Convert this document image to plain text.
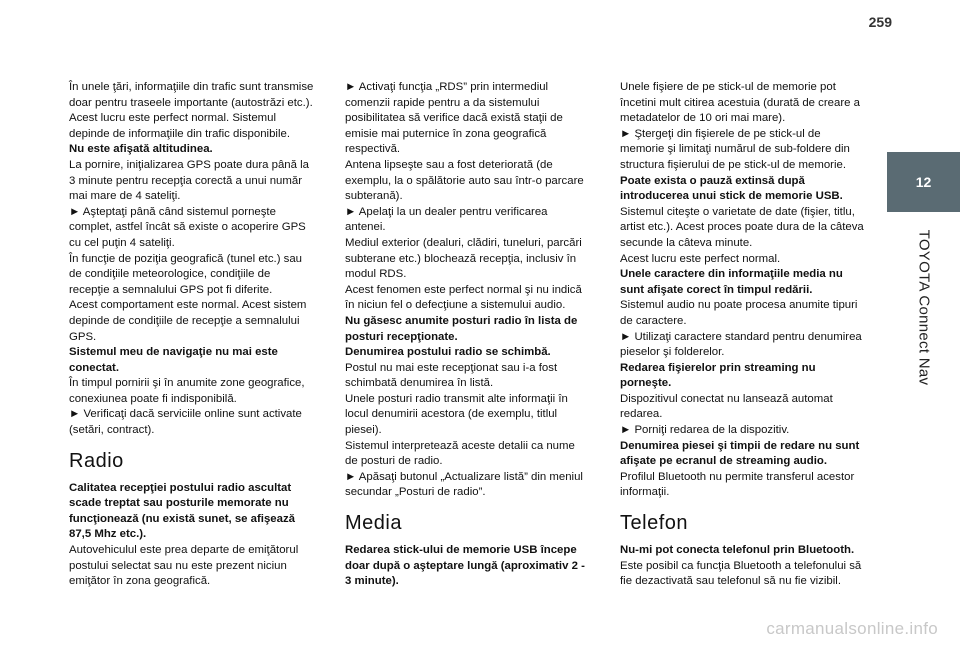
259
12
TOYOTA Connect Nav

În unele ţări, informaţiile din trafic sunt transmise doar pentru traseele importante (autostrăzi etc.).

Acest lucru este perfect normal. Sistemul depinde de informaţiile din trafic disponibile.

Nu este afişată altitudinea.

La pornire, iniţializarea GPS poate dura până la 3 minute pentru recepţia corectă a unui număr mai mare de 4 sateliţi.

► Aşteptaţi până când sistemul porneşte complet, astfel încât să existe o acoperire GPS cu cel puţin 4 sateliţi.

În funcţie de poziţia geografică (tunel etc.) sau de condiţiile meteorologice, condiţiile de recepţie a semnalului GPS pot fi diferite.

Acest comportament este normal. Acest sistem depinde de condiţiile de recepţie a semnalului GPS.

Sistemul meu de navigaţie nu mai este conectat.

În timpul pornirii şi în anumite zone geografice, conexiunea poate fi indisponibilă.

► Verificaţi dacă serviciile online sunt activate (setări, contract).

Radio

Calitatea recepţiei postului radio ascultat scade treptat sau posturile memorate nu funcţionează (nu există sunet, se afişează 87,5 Mhz etc.).

Autovehiculul este prea departe de emiţătorul postului selectat sau nu este prezent niciun emiţător în zona geografică.

► Activaţi funcţia „RDS” prin intermediul comenzii rapide pentru a da sistemului posibilitatea să verifice dacă există staţii de emisie mai puternice în zona geografică respectivă.

Antena lipseşte sau a fost deteriorată (de exemplu, la o spălătorie auto sau într-o parcare subterană).

► Apelaţi la un dealer pentru verificarea antenei.

Mediul exterior (dealuri, clădiri, tuneluri, parcări subterane etc.) blochează recepţia, inclusiv în modul RDS.

Acest fenomen este perfect normal şi nu indică în niciun fel o defecţiune a sistemului audio.

Nu găsesc anumite posturi radio în lista de posturi recepţionate.

Denumirea postului radio se schimbă.

Postul nu mai este recepţionat sau i-a fost schimbată denumirea în listă.

Unele posturi radio transmit alte informaţii în locul denumirii acestora (de exemplu, titlul piesei).

Sistemul interpretează aceste detalii ca nume de posturi de radio.

► Apăsaţi butonul „Actualizare listă” din meniul secundar „Posturi de radio”.

Media

Redarea stick-ului de memorie USB începe doar după o aşteptare lungă (aproximativ 2 - 3 minute).

Unele fişiere de pe stick-ul de memorie pot încetini mult citirea acestuia (durată de creare a metadatelor de 10 ori mai mare).

► Ştergeţi din fişierele de pe stick-ul de memorie şi limitaţi numărul de sub-foldere din structura fişierului de pe stick-ul de memorie.

Poate exista o pauză extinsă după introducerea unui stick de memorie USB.

Sistemul citeşte o varietate de date (fişier, titlu, artist etc.). Acest proces poate dura de la câteva secunde la câteva minute.

Acest lucru este perfect normal.

Unele caractere din informaţiile media nu sunt afişate corect în timpul redării.

Sistemul audio nu poate procesa anumite tipuri de caractere.

► Utilizaţi caractere standard pentru denumirea pieselor şi folderelor.

Redarea fişierelor prin streaming nu porneşte.

Dispozitivul conectat nu lansează automat redarea.

► Porniţi redarea de la dispozitiv.

Denumirea piesei şi timpii de redare nu sunt afişate pe ecranul de streaming audio.

Profilul Bluetooth nu permite transferul acestor informaţii.

Telefon

Nu-mi pot conecta telefonul prin Bluetooth.

Este posibil ca funcţia Bluetooth a telefonului să fie dezactivată sau telefonul să nu fie vizibil.

carmanualsonline.info
